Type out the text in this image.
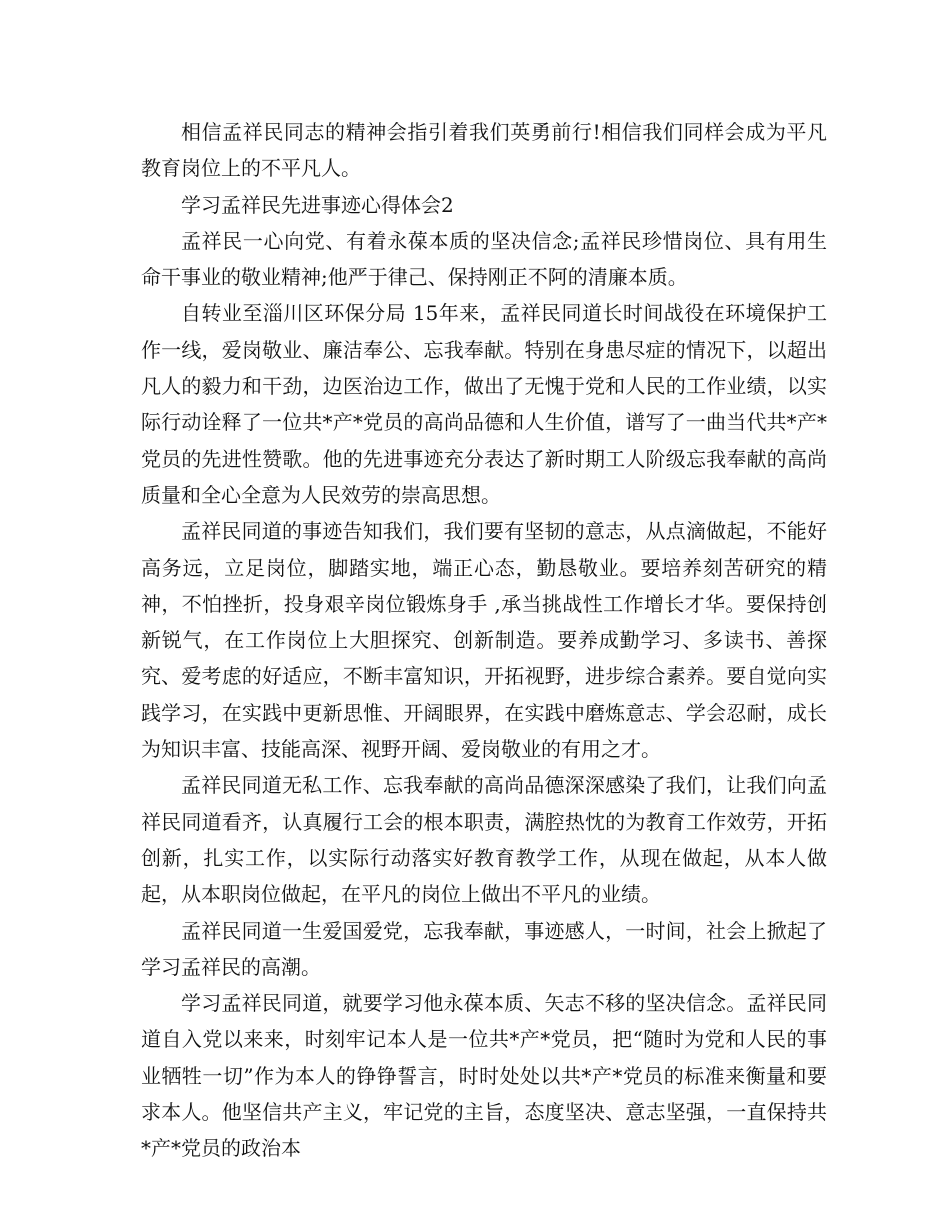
相信孟祥民同志的精神会指引着我们英勇前行!相信我们同样会成为平凡教育岗位上的不平凡人。

学习孟祥民先进事迹心得体会2

孟祥民一心向党、有着永葆本质的坚决信念;孟祥民珍惜岗位、具有用生命干事业的敬业精神;他严于律己、保持刚正不阿的清廉本质。

自转业至淄川区环保分局 15年来，孟祥民同道长时间战役在环境保护工作一线，爱岗敬业、廉洁奉公、忘我奉献。特别在身患尽症的情况下，以超出凡人的毅力和干劲，边医治边工作，做出了无愧于党和人民的工作业绩，以实际行动诠释了一位共*产*党员的高尚品德和人生价值，谱写了一曲当代共*产*党员的先进性赞歌。他的先进事迹充分表达了新时期工人阶级忘我奉献的高尚质量和全心全意为人民效劳的崇高思想。

孟祥民同道的事迹告知我们，我们要有坚韧的意志，从点滴做起，不能好高务远，立足岗位，脚踏实地，端正心态，勤恳敬业。要培养刻苦研究的精神，不怕挫折，投身艰辛岗位锻炼身手 ,承当挑战性工作增长才华。要保持创新锐气，在工作岗位上大胆探究、创新制造。要养成勤学习、多读书、善探究、爱考虑的好适应，不断丰富知识，开拓视野，进步综合素养。要自觉向实践学习，在实践中更新思惟、开阔眼界，在实践中磨炼意志、学会忍耐，成长为知识丰富、技能高深、视野开阔、爱岗敬业的有用之才。

孟祥民同道无私工作、忘我奉献的高尚品德深深感染了我们，让我们向孟祥民同道看齐，认真履行工会的根本职责，满腔热忱的为教育工作效劳，开拓创新，扎实工作，以实际行动落实好教育教学工作，从现在做起，从本人做起，从本职岗位做起，在平凡的岗位上做出不平凡的业绩。

孟祥民同道一生爱国爱党，忘我奉献，事迹感人，一时间，社会上掀起了学习孟祥民的高潮。

学习孟祥民同道，就要学习他永葆本质、矢志不移的坚决信念。孟祥民同道自入党以来来，时刻牢记本人是一位共*产*党员，把“随时为党和人民的事业牺牲一切”作为本人的铮铮誓言，时时处处以共*产*党员的标准来衡量和要求本人。他坚信共产主义，牢记党的主旨，态度坚决、意志坚强，一直保持共*产*党员的政治本
